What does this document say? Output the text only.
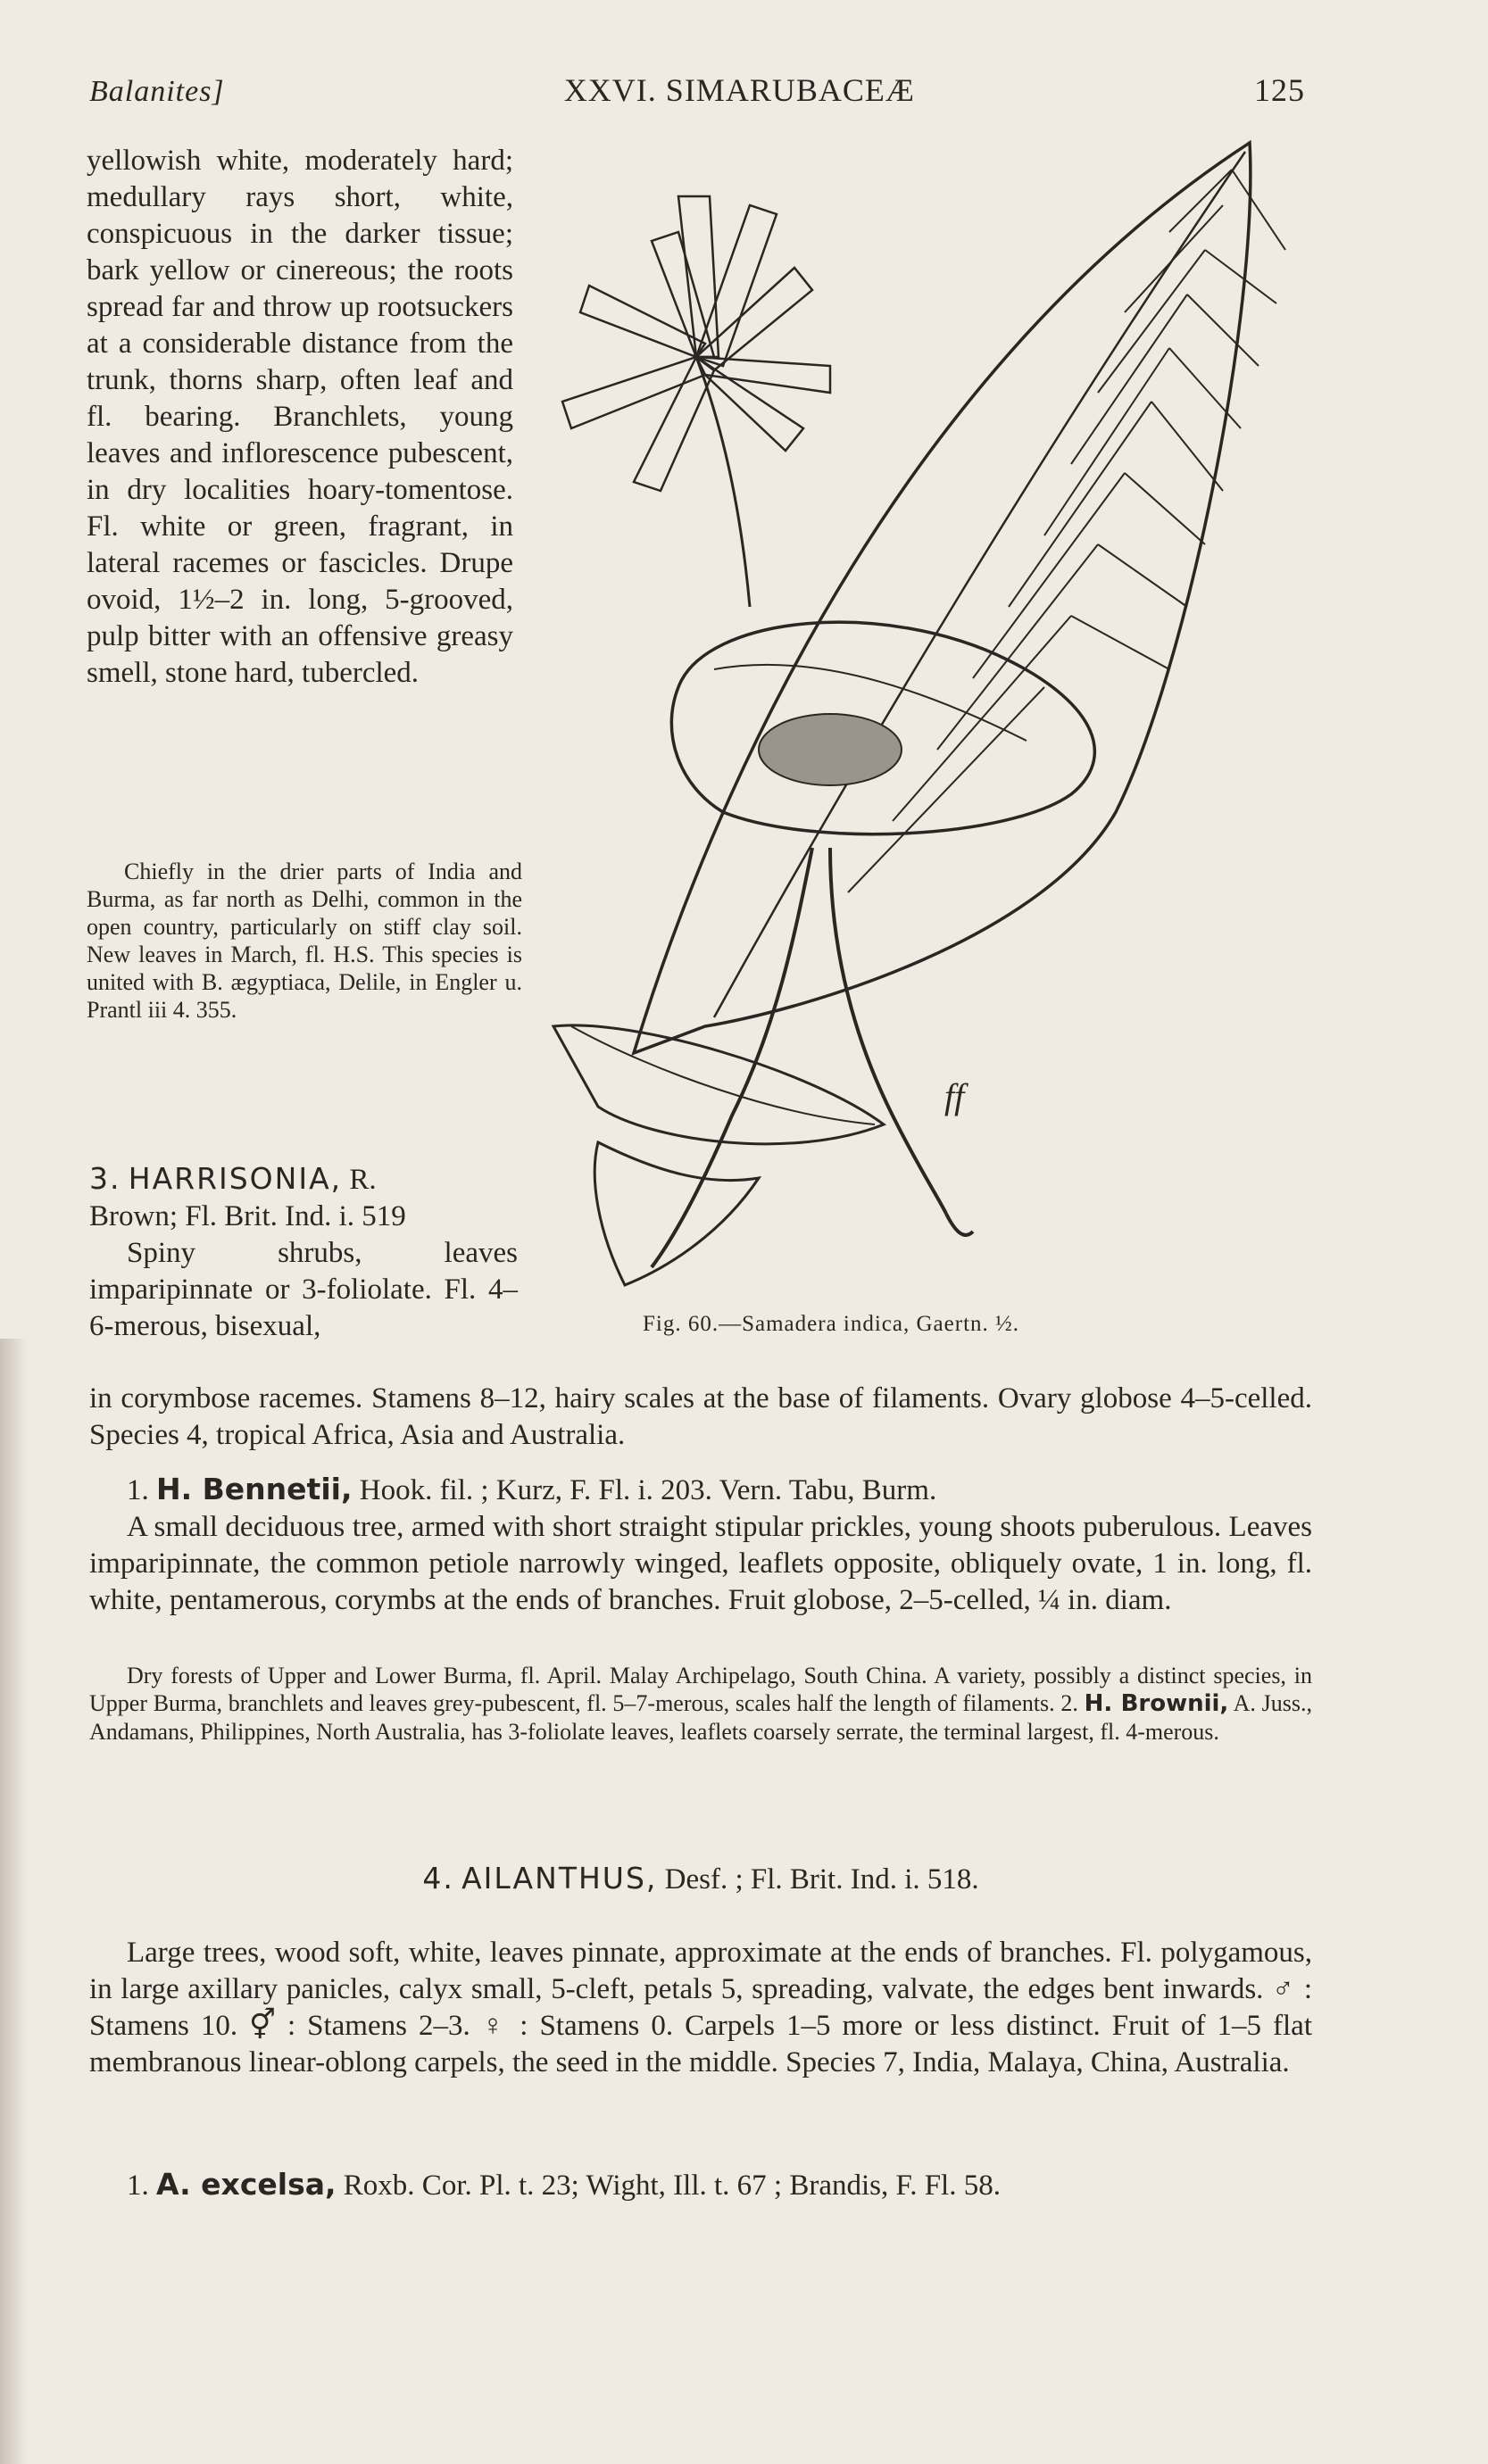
Balanites]	XXVI. SIMARUBACEÆ	125

yellowish white, moderately hard; medullary rays short, white, conspicuous in the darker tissue; bark yellow or cinereous; the roots spread far and throw up rootsuckers at a considerable distance from the trunk, thorns sharp, often leaf and fl. bearing. Branchlets, young leaves and inflorescence pubescent, in dry localities hoary-tomentose. Fl. white or green, fragrant, in lateral racemes or fascicles. Drupe ovoid, 1½–2 in. long, 5-grooved, pulp bitter with an offensive greasy smell, stone hard, tubercled.

Chiefly in the drier parts of India and Burma, as far north as Delhi, common in the open country, particularly on stiff clay soil. New leaves in March, fl. H.S. This species is united with B. ægyptiaca, Delile, in Engler u. Prantl iii 4. 355.

3. HARRISONIA, R.
Brown; Fl. Brit. Ind. i. 519

Spiny shrubs, leaves imparipinnate or 3-foliolate. Fl. 4–6-merous, bisexual,

ff
Fig. 60.—Samadera indica, Gaertn. ½.

in corymbose racemes. Stamens 8–12, hairy scales at the base of filaments. Ovary globose 4–5-celled. Species 4, tropical Africa, Asia and Australia.

1. H. Bennetii, Hook. fil. ; Kurz, F. Fl. i. 203. Vern. Tabu, Burm.

A small deciduous tree, armed with short straight stipular prickles, young shoots puberulous. Leaves imparipinnate, the common petiole narrowly winged, leaflets opposite, obliquely ovate, 1 in. long, fl. white, pentamerous, corymbs at the ends of branches. Fruit globose, 2–5-celled, ¼ in. diam.

Dry forests of Upper and Lower Burma, fl. April. Malay Archipelago, South China. A variety, possibly a distinct species, in Upper Burma, branchlets and leaves grey-pubescent, fl. 5–7-merous, scales half the length of filaments. 2. H. Brownii, A. Juss., Andamans, Philippines, North Australia, has 3-foliolate leaves, leaflets coarsely serrate, the terminal largest, fl. 4-merous.

4. AILANTHUS, Desf. ; Fl. Brit. Ind. i. 518.

Large trees, wood soft, white, leaves pinnate, approximate at the ends of branches. Fl. polygamous, in large axillary panicles, calyx small, 5-cleft, petals 5, spreading, valvate, the edges bent inwards. ♂ : Stamens 10. ⚥ : Stamens 2–3. ♀ : Stamens 0. Carpels 1–5 more or less distinct. Fruit of 1–5 flat membranous linear-oblong carpels, the seed in the middle. Species 7, India, Malaya, China, Australia.

1. A. excelsa, Roxb. Cor. Pl. t. 23; Wight, Ill. t. 67 ; Brandis, F. Fl. 58.
